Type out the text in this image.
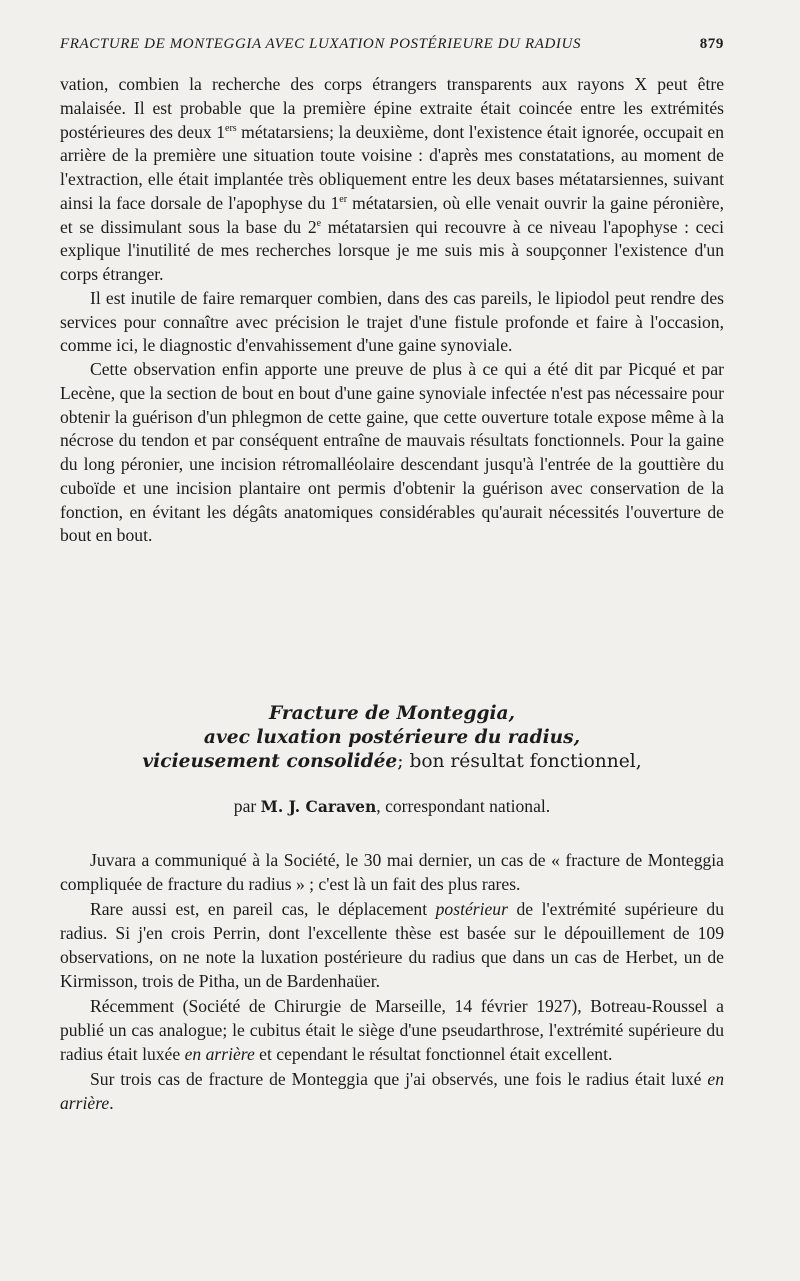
FRACTURE DE MONTEGGIA AVEC LUXATION POSTÉRIEURE DU RADIUS	879

vation, combien la recherche des corps étrangers transparents aux rayons X peut être malaisée. Il est probable que la première épine extraite était coincée entre les extrémités postérieures des deux 1ers métatarsiens; la deuxième, dont l'existence était ignorée, occupait en arrière de la première une situation toute voisine : d'après mes constatations, au moment de l'extraction, elle était implantée très obliquement entre les deux bases métatarsiennes, suivant ainsi la face dorsale de l'apophyse du 1er métatarsien, où elle venait ouvrir la gaine péronière, et se dissimulant sous la base du 2e métatarsien qui recouvre à ce niveau l'apophyse : ceci explique l'inutilité de mes recherches lorsque je me suis mis à soupçonner l'existence d'un corps étranger.

Il est inutile de faire remarquer combien, dans des cas pareils, le lipiodol peut rendre des services pour connaître avec précision le trajet d'une fistule profonde et faire à l'occasion, comme ici, le diagnostic d'envahissement d'une gaine synoviale.

Cette observation enfin apporte une preuve de plus à ce qui a été dit par Picqué et par Lecène, que la section de bout en bout d'une gaine synoviale infectée n'est pas nécessaire pour obtenir la guérison d'un phlegmon de cette gaine, que cette ouverture totale expose même à la nécrose du tendon et par conséquent entraîne de mauvais résultats fonctionnels. Pour la gaine du long péronier, une incision rétromalléolaire descendant jusqu'à l'entrée de la gouttière du cuboïde et une incision plantaire ont permis d'obtenir la guérison avec conservation de la fonction, en évitant les dégâts anatomiques considérables qu'aurait nécessités l'ouverture de bout en bout.

Fracture de Monteggia,
avec luxation postérieure du radius,
vicieusement consolidée; bon résultat fonctionnel,
par M. J. Caraven, correspondant national.

Juvara a communiqué à la Société, le 30 mai dernier, un cas de « fracture de Monteggia compliquée de fracture du radius » ; c'est là un fait des plus rares.

Rare aussi est, en pareil cas, le déplacement postérieur de l'extrémité supérieure du radius. Si j'en crois Perrin, dont l'excellente thèse est basée sur le dépouillement de 109 observations, on ne note la luxation postérieure du radius que dans un cas de Herbet, un de Kirmisson, trois de Pitha, un de Bardenhaüer.

Récemment (Société de Chirurgie de Marseille, 14 février 1927), Botreau-Roussel a publié un cas analogue; le cubitus était le siège d'une pseudarthrose, l'extrémité supérieure du radius était luxée en arrière et cependant le résultat fonctionnel était excellent.

Sur trois cas de fracture de Monteggia que j'ai observés, une fois le radius était luxé en arrière.
